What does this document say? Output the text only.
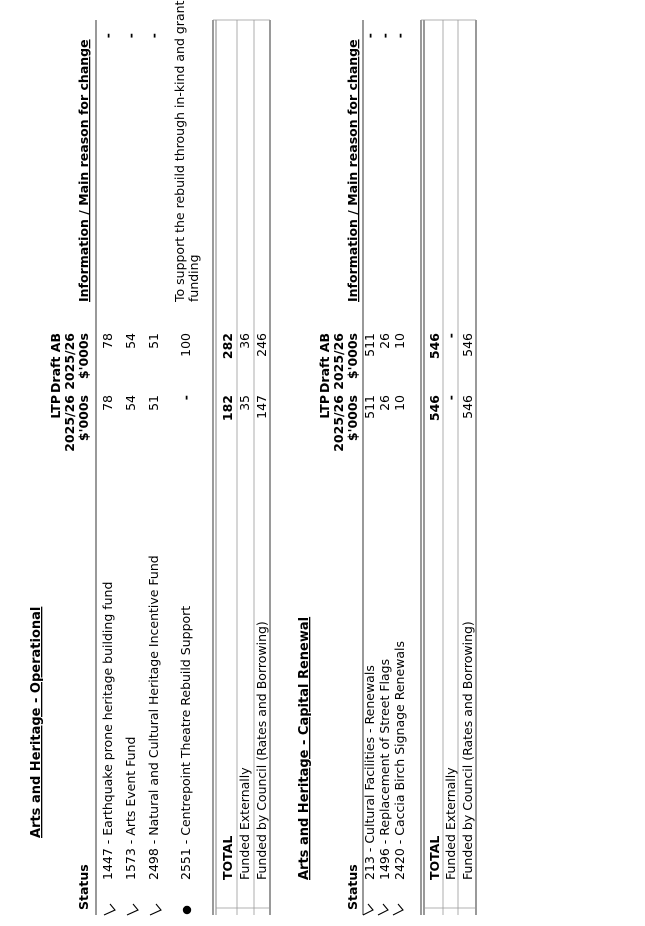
Arts and Heritage - Operational
Status
LTP 2025/26 $'000s
Draft AB 2025/26 $'000s
Information / Main reason for change
1447 - Earthquake prone heritage building fund
78
78
-
1573 - Arts Event Fund
54
54
-
2498 - Natural and Cultural Heritage Incentive Fund
51
51
-
2551 - Centrepoint Theatre Rebuild Support
-
100
To support the rebuild through in-kind and grant funding
TOTAL
182
282
Funded Externally
35
36
Funded by Council (Rates and Borrowing)
147
246
Arts and Heritage - Capital Renewal
Status
LTP 2025/26 $'000s
Draft AB 2025/26 $'000s
Information / Main reason for change
213 - Cultural Facilities - Renewals
511
511
-
1496 - Replacement of Street Flags
26
26
-
2420 - Caccia Birch Signage Renewals
10
10
-
TOTAL
546
546
Funded Externally
-
-
Funded by Council (Rates and Borrowing)
546
546
